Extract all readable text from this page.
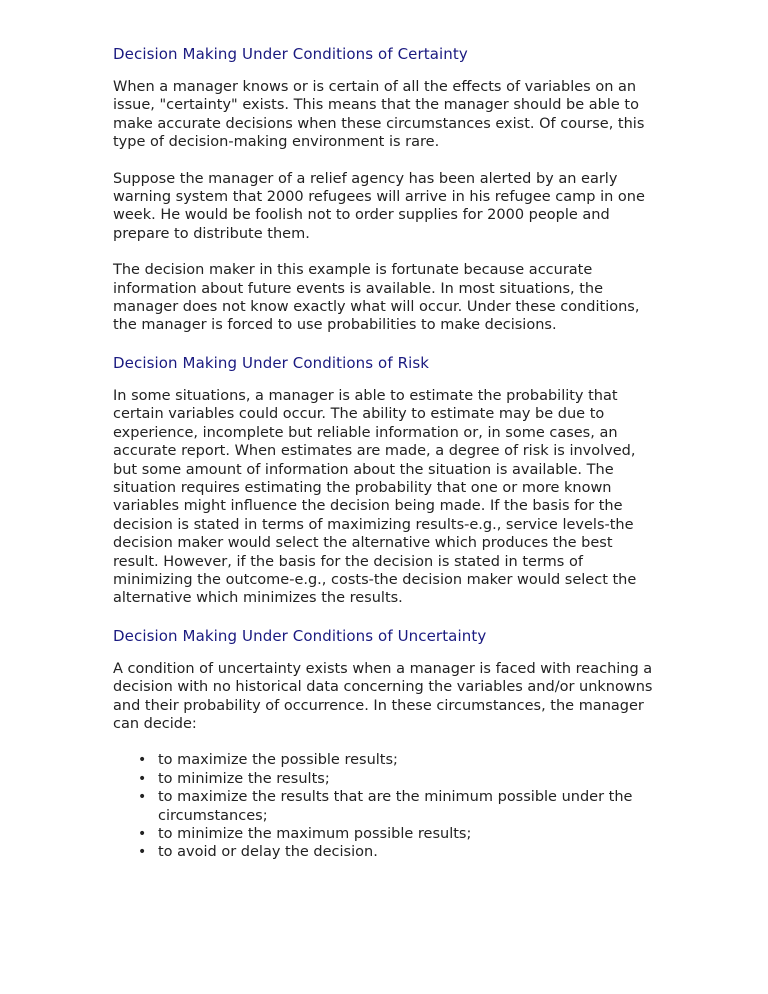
Decision Making Under Conditions of Certainty

When a manager knows or is certain of all the effects of variables on an issue, "certainty" exists. This means that the manager should be able to make accurate decisions when these circumstances exist. Of course, this type of decision-making environment is rare.

Suppose the manager of a relief agency has been alerted by an early warning system that 2000 refugees will arrive in his refugee camp in one week. He would be foolish not to order supplies for 2000 people and prepare to distribute them.

The decision maker in this example is fortunate because accurate information about future events is available. In most situations, the manager does not know exactly what will occur. Under these conditions, the manager is forced to use probabilities to make decisions.

Decision Making Under Conditions of Risk

In some situations, a manager is able to estimate the probability that certain variables could occur. The ability to estimate may be due to experience, incomplete but reliable information or, in some cases, an accurate report. When estimates are made, a degree of risk is involved, but some amount of information about the situation is available. The situation requires estimating the probability that one or more known variables might influence the decision being made. If the basis for the decision is stated in terms of maximizing results-e.g., service levels-the decision maker would select the alternative which produces the best result. However, if the basis for the decision is stated in terms of minimizing the outcome-e.g., costs-the decision maker would select the alternative which minimizes the results.

Decision Making Under Conditions of Uncertainty

A condition of uncertainty exists when a manager is faced with reaching a decision with no historical data concerning the variables and/or unknowns and their probability of occurrence. In these circumstances, the manager can decide:

• to maximize the possible results;
• to minimize the results;
• to maximize the results that are the minimum possible under the circumstances;
• to minimize the maximum possible results;
• to avoid or delay the decision.
